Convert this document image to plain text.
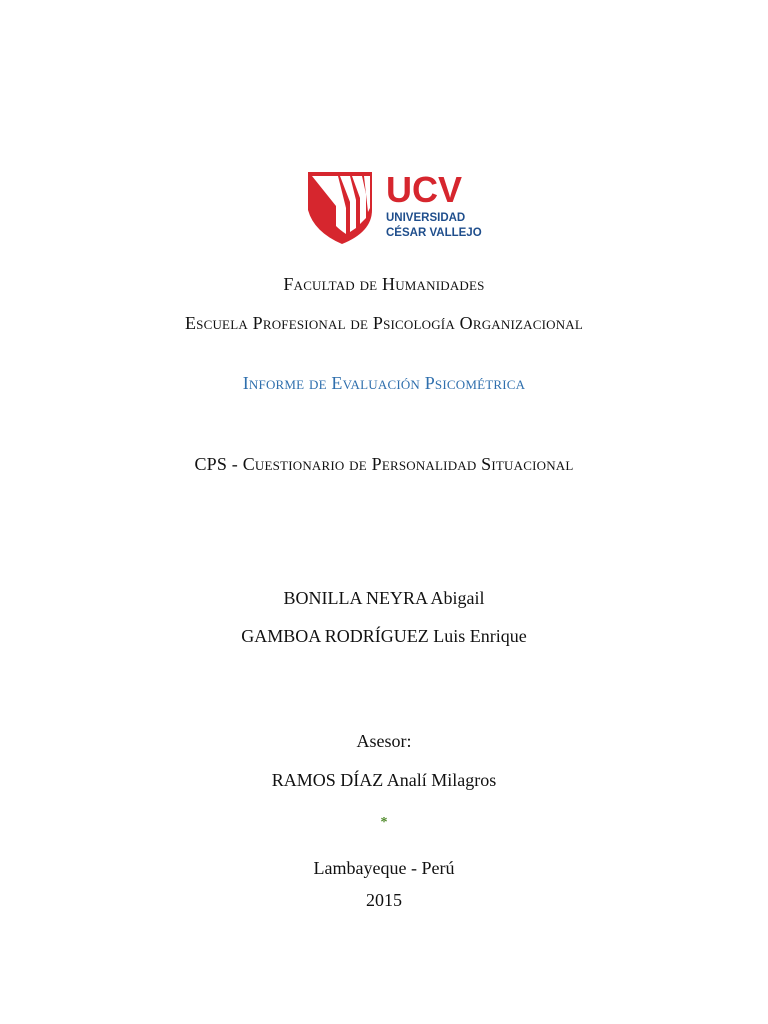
UCV
UNIVERSIDAD
CÉSAR VALLEJO
Facultad de Humanidades
Escuela Profesional de Psicología Organizacional
Informe de Evaluación Psicométrica
CPS - Cuestionario de Personalidad Situacional
BONILLA NEYRA Abigail
GAMBOA RODRÍGUEZ Luis Enrique
Asesor:
RAMOS DÍAZ Analí Milagros
*
Lambayeque - Perú
2015
